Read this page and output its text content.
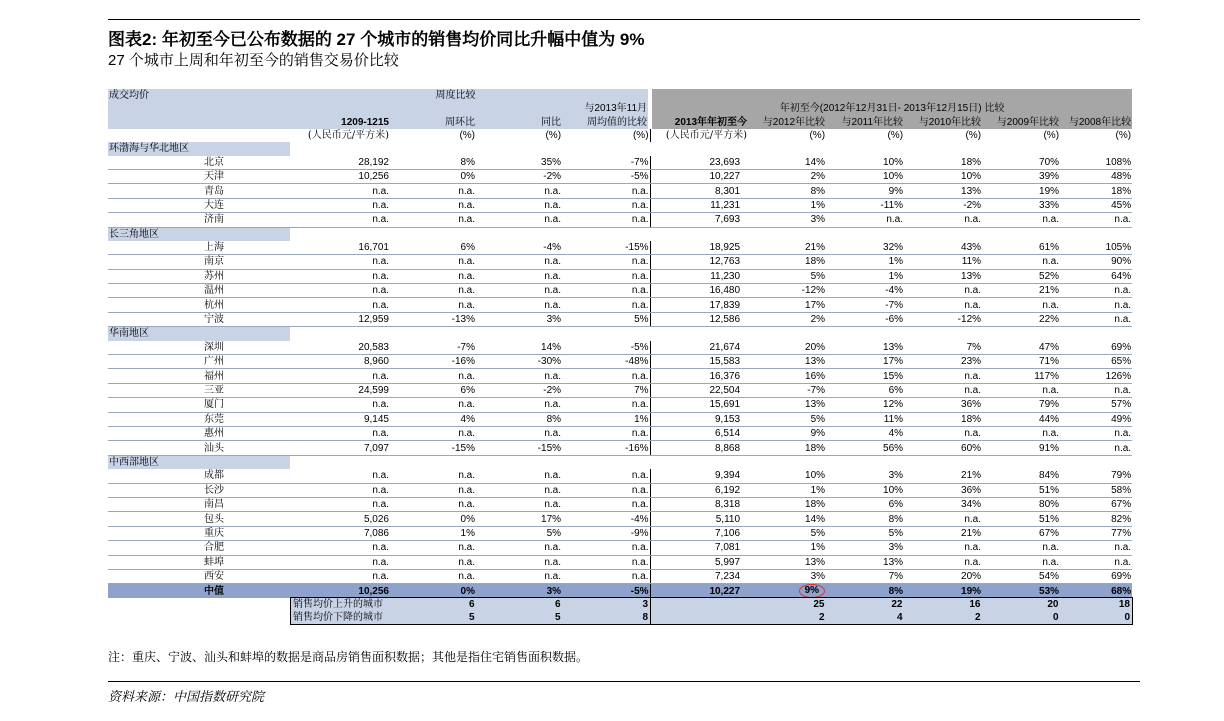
图表2: 年初至今已公布数据的 27 个城市的销售均价同比升幅中值为 9%
27 个城市上周和年初至今的销售交易价比较
成交均价	周度比较			与2013年11月	年初至今(2012年12月31日- 2013年12月15日) 比较					
	1209-1215	周环比	同比	周均值的比较	2013年年初至今	与2012年比较	与2011年比较	与2010年比较	与2009年比较	与2008年比较
	(人民币元/平方米)	(%)	(%)	(%)	(人民币元/平方米)	(%)	(%)	(%)	(%)	(%)
环渤海与华北地区										
北京	28,192	8%	35%	-7%	23,693	14%	10%	18%	70%	108%
天津	10,256	0%	-2%	-5%	10,227	2%	10%	10%	39%	48%
青岛	n.a.	n.a.	n.a.	n.a.	8,301	8%	9%	13%	19%	18%
大连	n.a.	n.a.	n.a.	n.a.	11,231	1%	-11%	-2%	33%	45%
济南	n.a.	n.a.	n.a.	n.a.	7,693	3%	n.a.	n.a.	n.a.	n.a.
长三角地区										
上海	16,701	6%	-4%	-15%	18,925	21%	32%	43%	61%	105%
南京	n.a.	n.a.	n.a.	n.a.	12,763	18%	1%	11%	n.a.	90%
苏州	n.a.	n.a.	n.a.	n.a.	11,230	5%	1%	13%	52%	64%
温州	n.a.	n.a.	n.a.	n.a.	16,480	-12%	-4%	n.a.	21%	n.a.
杭州	n.a.	n.a.	n.a.	n.a.	17,839	17%	-7%	n.a.	n.a.	n.a.
宁波	12,959	-13%	3%	5%	12,586	2%	-6%	-12%	22%	n.a.
华南地区										
深圳	20,583	-7%	14%	-5%	21,674	20%	13%	7%	47%	69%
广州	8,960	-16%	-30%	-48%	15,583	13%	17%	23%	71%	65%
福州	n.a.	n.a.	n.a.	n.a.	16,376	16%	15%	n.a.	117%	126%
三亚	24,599	6%	-2%	7%	22,504	-7%	6%	n.a.	n.a.	n.a.
厦门	n.a.	n.a.	n.a.	n.a.	15,691	13%	12%	36%	79%	57%
东莞	9,145	4%	8%	1%	9,153	5%	11%	18%	44%	49%
惠州	n.a.	n.a.	n.a.	n.a.	6,514	9%	4%	n.a.	n.a.	n.a.
汕头	7,097	-15%	-15%	-16%	8,868	18%	56%	60%	91%	n.a.
中西部地区										
成都	n.a.	n.a.	n.a.	n.a.	9,394	10%	3%	21%	84%	79%
长沙	n.a.	n.a.	n.a.	n.a.	6,192	1%	10%	36%	51%	58%
南昌	n.a.	n.a.	n.a.	n.a.	8,318	18%	6%	34%	80%	67%
包头	5,026	0%	17%	-4%	5,110	14%	8%	n.a.	51%	82%
重庆	7,086	1%	5%	-9%	7,106	5%	5%	21%	67%	77%
合肥	n.a.	n.a.	n.a.	n.a.	7,081	1%	3%	n.a.	n.a.	n.a.
蚌埠	n.a.	n.a.	n.a.	n.a.	5,997	13%	13%	n.a.	n.a.	n.a.
西安	n.a.	n.a.	n.a.	n.a.	7,234	3%	7%	20%	54%	69%
中值	10,256	0%	3%	-5%	10,227	9%	8%	19%	53%	68%
销售均价上升的城市	6	6	3		25	22	16	20	18
销售均价下降的城市	5	5	8		2	4	2	0	0
注：重庆、宁波、汕头和蚌埠的数据是商品房销售面积数据；其他是指住宅销售面积数据。
资料来源：中国指数研究院
